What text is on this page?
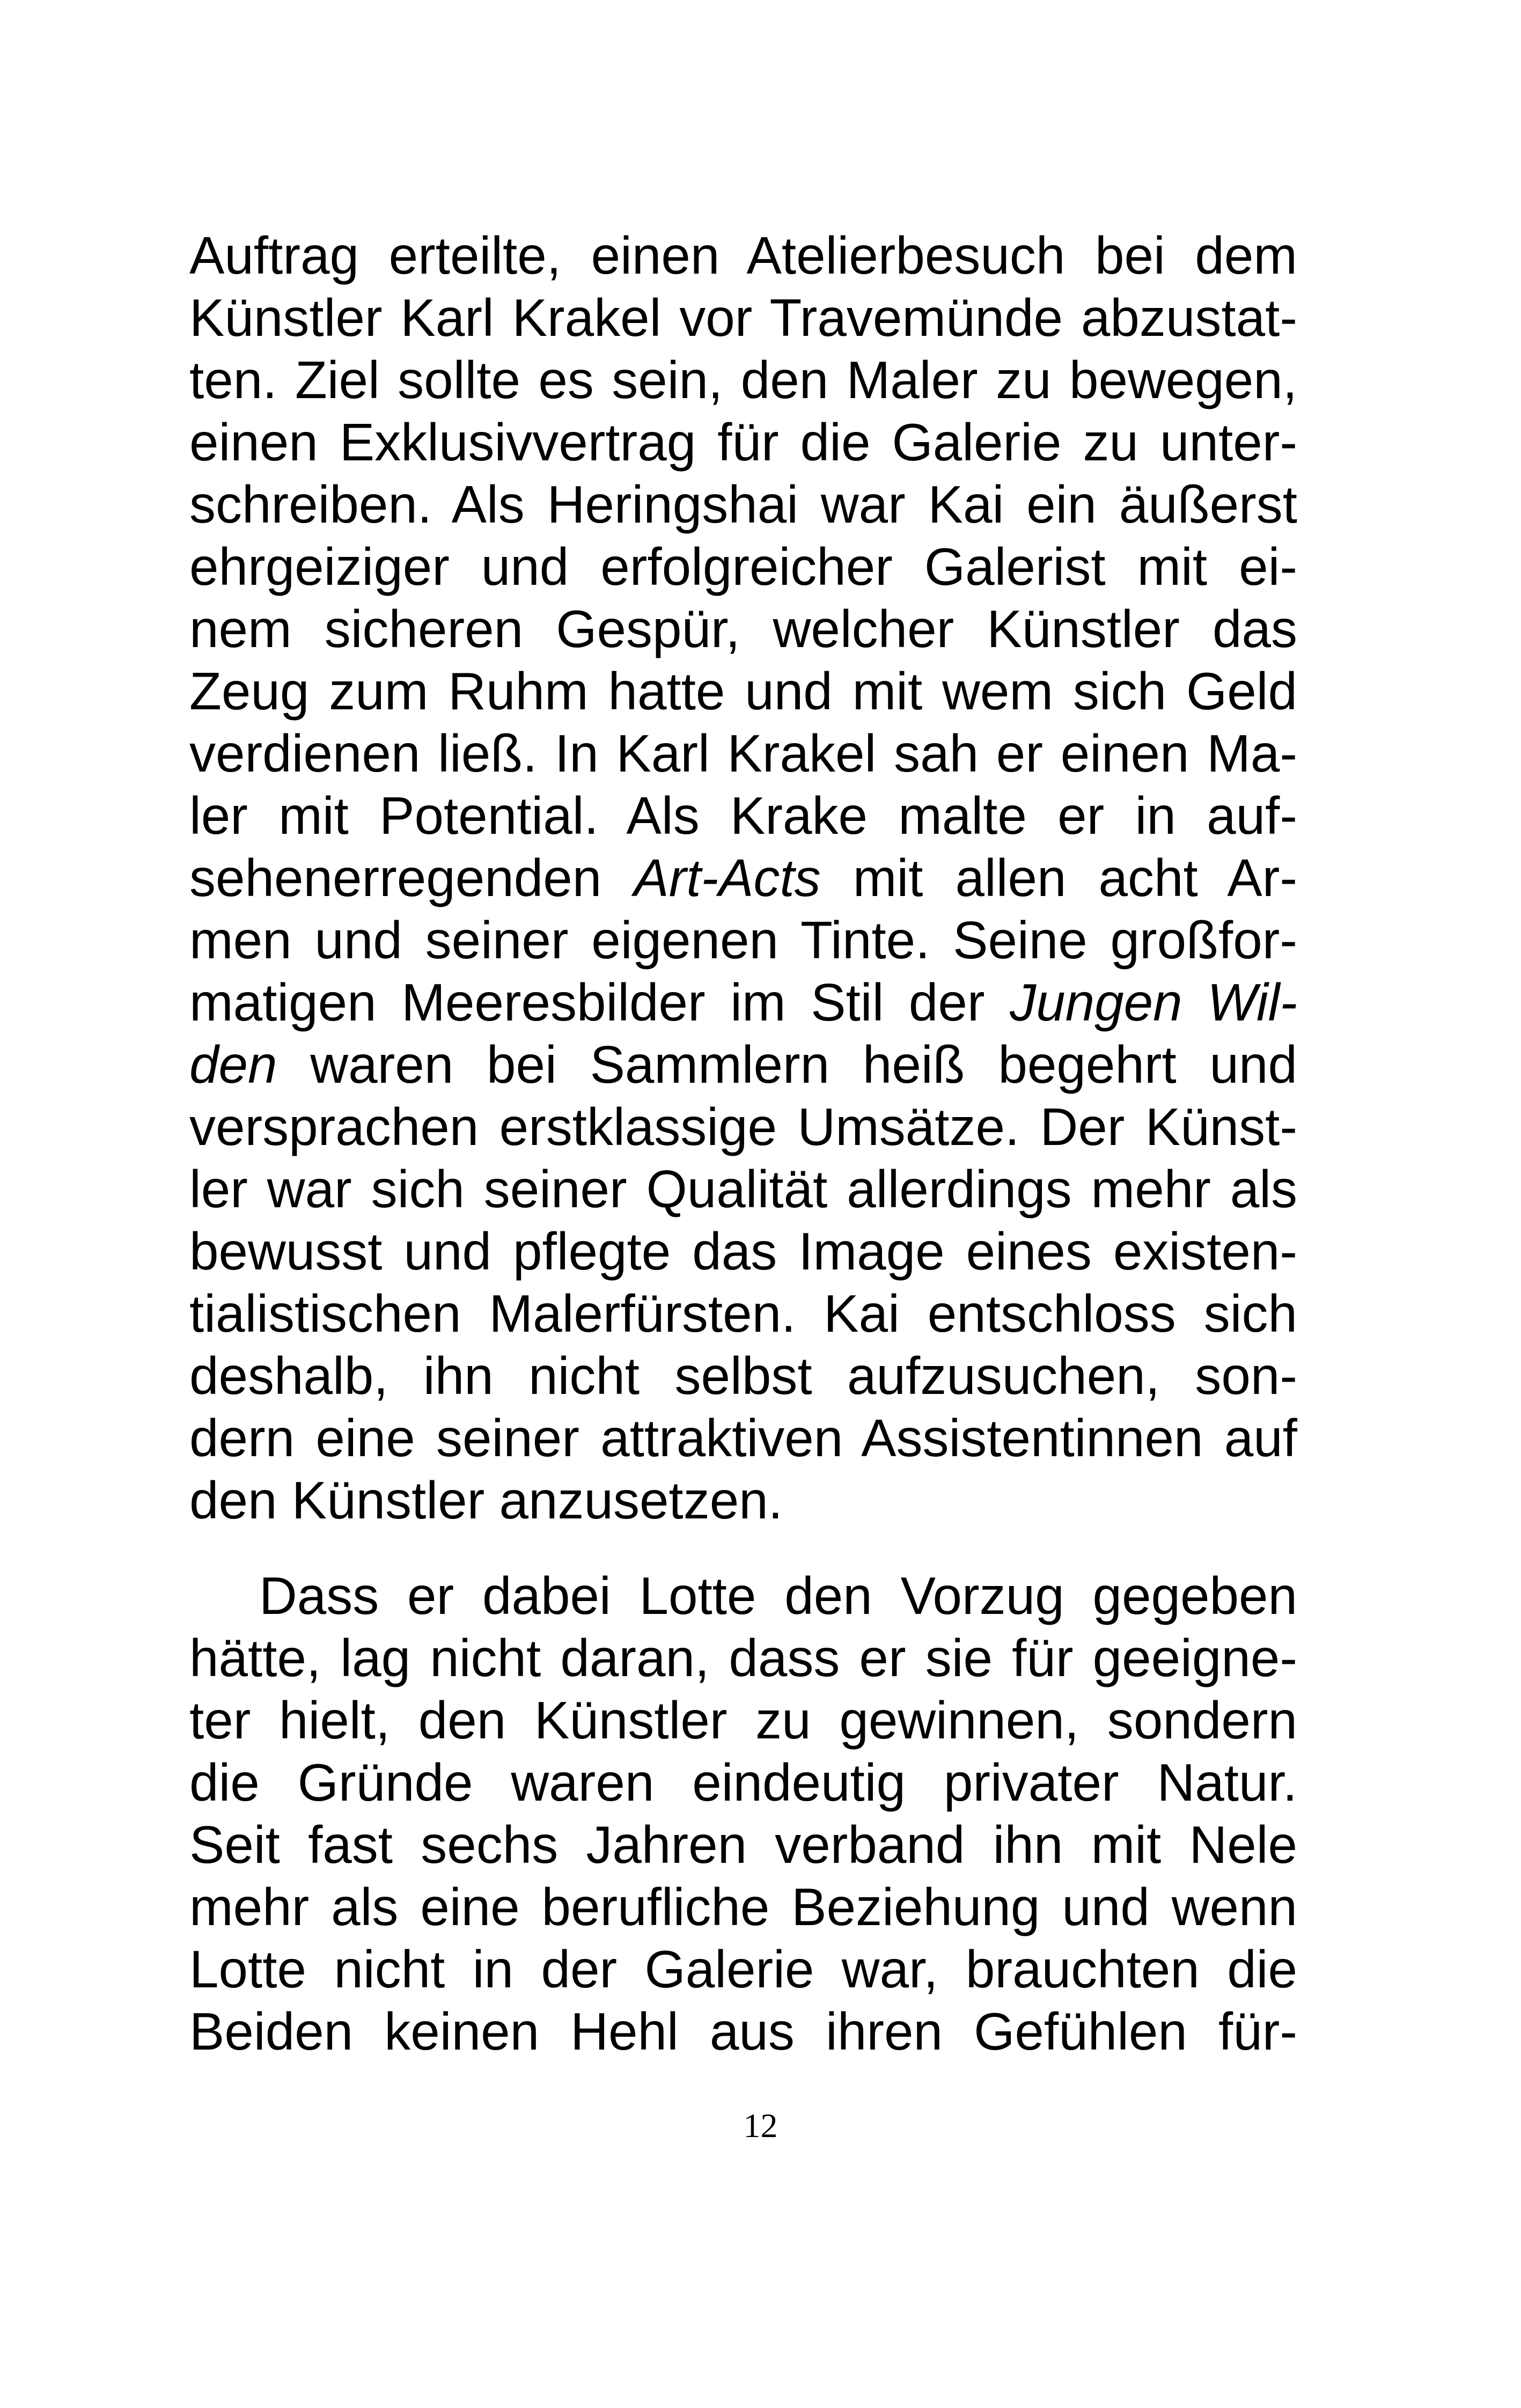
Auftrag erteilte, einen Atelierbesuch bei dem
Künstler Karl Krakel vor Travemünde abzustat-
ten. Ziel sollte es sein, den Maler zu bewegen,
einen Exklusivvertrag für die Galerie zu unter-
schreiben. Als Heringshai war Kai ein äußerst
ehrgeiziger und erfolgreicher Galerist mit ei-
nem sicheren Gespür, welcher Künstler das
Zeug zum Ruhm hatte und mit wem sich Geld
verdienen ließ. In Karl Krakel sah er einen Ma-
ler mit Potential. Als Krake malte er in auf-
sehenerregenden Art-Acts mit allen acht Ar-
men und seiner eigenen Tinte. Seine großfor-
matigen Meeresbilder im Stil der Jungen Wil-
den waren bei Sammlern heiß begehrt und
versprachen erstklassige Umsätze. Der Künst-
ler war sich seiner Qualität allerdings mehr als
bewusst und pflegte das Image eines existen-
tialistischen Malerfürsten. Kai entschloss sich
deshalb, ihn nicht selbst aufzusuchen, son-
dern eine seiner attraktiven Assistentinnen auf
den Künstler anzusetzen.
Dass er dabei Lotte den Vorzug gegeben
hätte, lag nicht daran, dass er sie für geeigne-
ter hielt, den Künstler zu gewinnen, sondern
die Gründe waren eindeutig privater Natur.
Seit fast sechs Jahren verband ihn mit Nele
mehr als eine berufliche Beziehung und wenn
Lotte nicht in der Galerie war, brauchten die
Beiden keinen Hehl aus ihren Gefühlen für-
12
